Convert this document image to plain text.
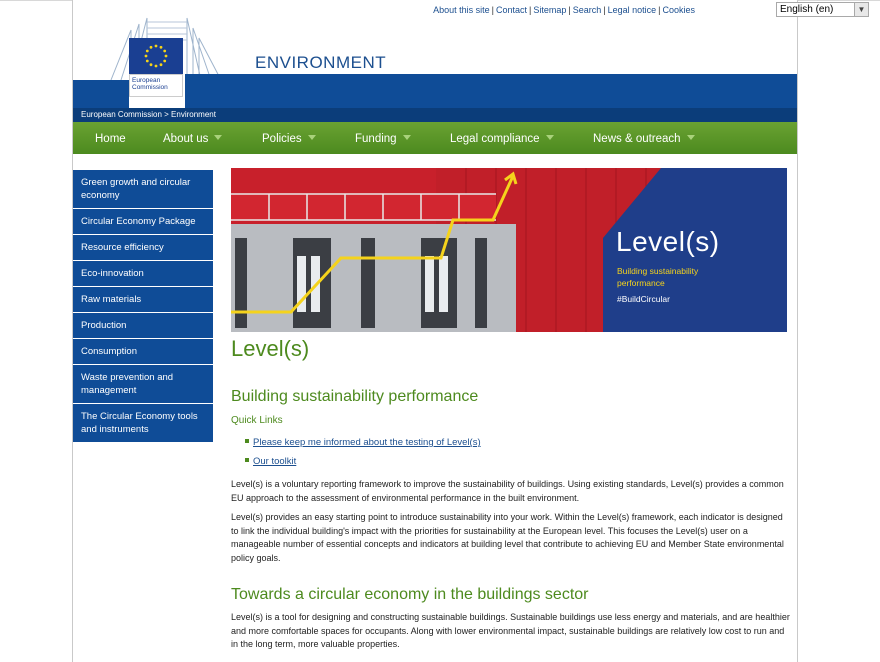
About this site | Contact | Sitemap | Search | Legal notice | Cookies	English (en)	▼
European Commission
ENVIRONMENT
European Commission > Environment
Home	About us	Policies	Funding	Legal compliance	News & outreach
Green growth and circular economy
Circular Economy Package
Resource efficiency
Eco-innovation
Raw materials
Production
Consumption
Waste prevention and management
The Circular Economy tools and instruments
Level(s)
Building sustainability performance
#BuildCircular
Level(s)
Building sustainability performance
Quick Links
Please keep me informed about the testing of Level(s)
Our toolkit

Level(s) is a voluntary reporting framework to improve the sustainability of buildings. Using existing standards, Level(s) provides a common EU approach to the assessment of environmental performance in the built environment.

Level(s) provides an easy starting point to introduce sustainability into your work. Within the Level(s) framework, each indicator is designed to link the individual building's impact with the priorities for sustainability at the European level. This focuses the Level(s) user on a manageable number of essential concepts and indicators at building level that contribute to achieving EU and Member State environmental policy goals.

Towards a circular economy in the buildings sector

Level(s) is a tool for designing and constructing sustainable buildings. Sustainable buildings use less energy and materials, and are healthier and more comfortable spaces for occupants. Along with lower environmental impact, sustainable buildings are relatively low cost to run and in the long term, more valuable properties.
